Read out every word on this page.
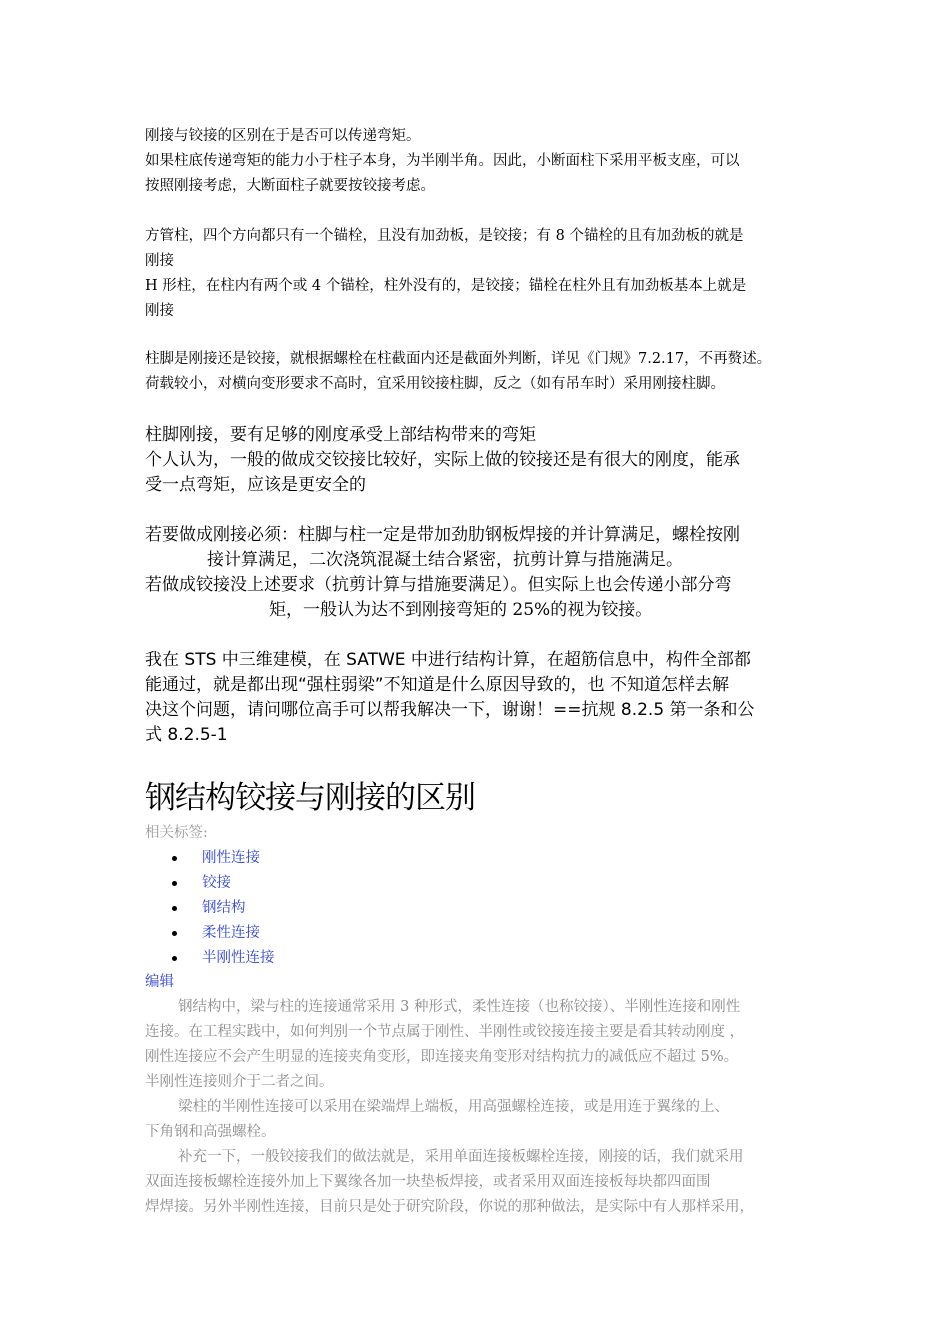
刚接与铰接的区别在于是否可以传递弯矩。
如果柱底传递弯矩的能力小于柱子本身，为半刚半角。因此，小断面柱下采用平板支座，可以
按照刚接考虑，大断面柱子就要按铰接考虑。
方管柱，四个方向都只有一个锚栓，且没有加劲板，是铰接；有 8 个锚栓的且有加劲板的就是
刚接
H 形柱，在柱内有两个或 4 个锚栓，柱外没有的，是铰接；锚栓在柱外且有加劲板基本上就是
刚接
柱脚是刚接还是铰接，就根据螺栓在柱截面内还是截面外判断，详见《门规》7.2.17，不再赘述。
荷载较小，对横向变形要求不高时，宜采用铰接柱脚，反之（如有吊车时）采用刚接柱脚。
柱脚刚接，要有足够的刚度承受上部结构带来的弯矩
个人认为，一般的做成交铰接比较好，实际上做的铰接还是有很大的刚度，能承
受一点弯矩，应该是更安全的
若要做成刚接必须：柱脚与柱一定是带加劲肋钢板焊接的并计算满足，螺栓按刚
接计算满足，二次浇筑混凝土结合紧密，抗剪计算与措施满足。
若做成铰接没上述要求（抗剪计算与措施要满足）。但实际上也会传递小部分弯
矩，一般认为达不到刚接弯矩的 25%的视为铰接。
我在 STS 中三维建模，在 SATWE 中进行结构计算，在超筋信息中，构件全部都
能通过，就是都出现“强柱弱梁”不知道是什么原因导致的，也 不知道怎样去解
决这个问题，请问哪位高手可以帮我解决一下，谢谢！==抗规 8.2.5 第一条和公
式 8.2.5-1
钢结构铰接与刚接的区别
相关标签:
刚性连接
铰接
钢结构
柔性连接
半刚性连接
编辑
钢结构中，梁与柱的连接通常采用 3 种形式，柔性连接（也称铰接）、半刚性连接和刚性
连接。在工程实践中，如何判别一个节点属于刚性、半刚性或铰接连接主要是看其转动刚度 ，
刚性连接应不会产生明显的连接夹角变形，即连接夹角变形对结构抗力的减低应不超过 5%。
半刚性连接则介于二者之间。
梁柱的半刚性连接可以采用在梁端焊上端板，用高强螺栓连接，或是用连于翼缘的上、
下角钢和高强螺栓。
补充一下，一般铰接我们的做法就是，采用单面连接板螺栓连接，刚接的话，我们就采用
双面连接板螺栓连接外加上下翼缘各加一块垫板焊接，或者采用双面连接板每块都四面围
焊焊接。另外半刚性连接，目前只是处于研究阶段，你说的那种做法，是实际中有人那样采用，
